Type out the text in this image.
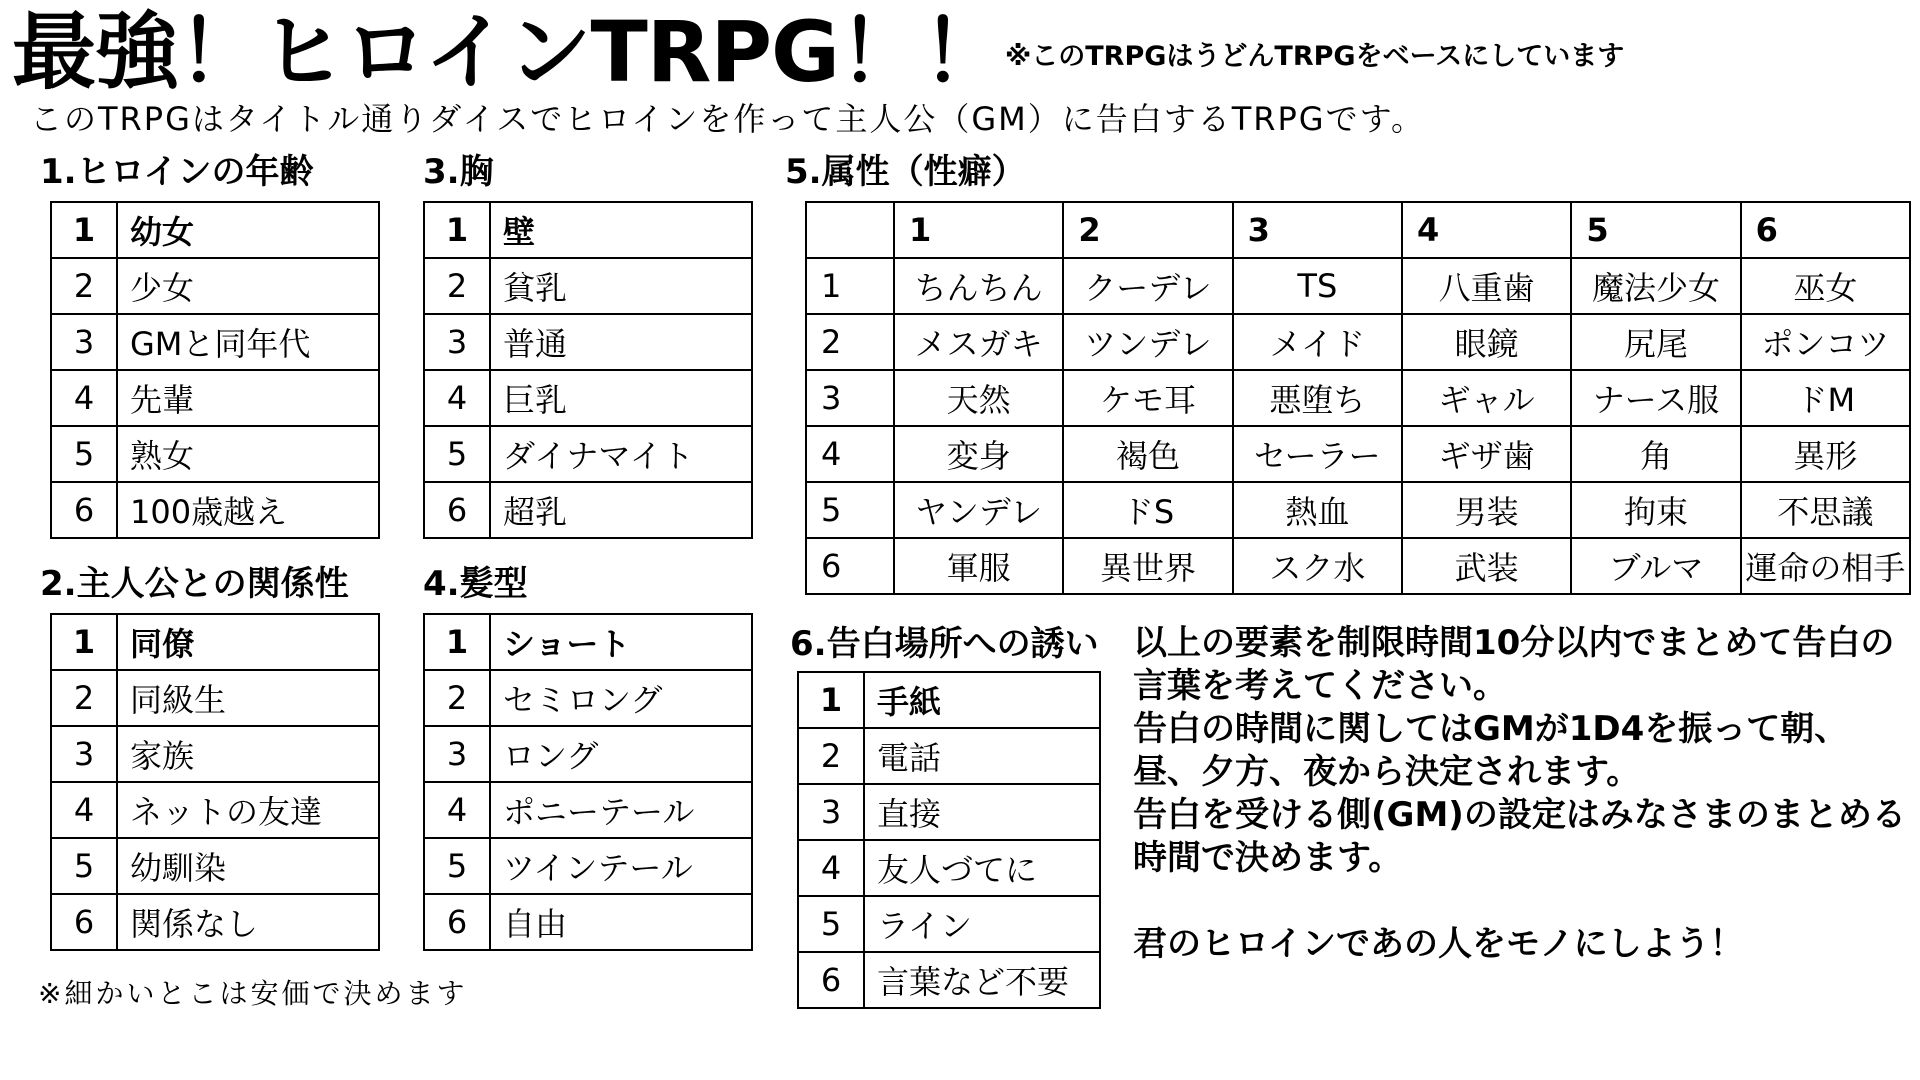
最強！ヒロインTRPG！！ ※このTRPGはうどんTRPGをベースにしています
このTRPGはタイトル通りダイスでヒロインを作って主人公（GM）に告白するTRPGです。
1.ヒロインの年齢
1	幼女
2	少女
3	GMと同年代
4	先輩
5	熟女
6	100歳越え
2.主人公との関係性
1	同僚
2	同級生
3	家族
4	ネットの友達
5	幼馴染
6	関係なし
3.胸
1	壁
2	貧乳
3	普通
4	巨乳
5	ダイナマイト
6	超乳
4.髪型
1	ショート
2	セミロング
3	ロング
4	ポニーテール
5	ツインテール
6	自由
5.属性（性癖）
	1	2	3	4	5	6
1	ちんちん	クーデレ	TS	八重歯	魔法少女	巫女
2	メスガキ	ツンデレ	メイド	眼鏡	尻尾	ポンコツ
3	天然	ケモ耳	悪堕ち	ギャル	ナース服	ドM
4	変身	褐色	セーラー	ギザ歯	角	異形
5	ヤンデレ	ドS	熱血	男装	拘束	不思議
6	軍服	異世界	スク水	武装	ブルマ	運命の相手
6.告白場所への誘い
1	手紙
2	電話
3	直接
4	友人づてに
5	ライン
6	言葉など不要

以上の要素を制限時間10分以内でまとめて告白の言葉を考えてください。

告白の時間に関してはGMが1D4を振って朝、昼、夕方、夜から決定されます。

告白を受ける側(GM)の設定はみなさまのまとめる時間で決めます。

君のヒロインであの人をモノにしよう！

※細かいとこは安価で決めます
